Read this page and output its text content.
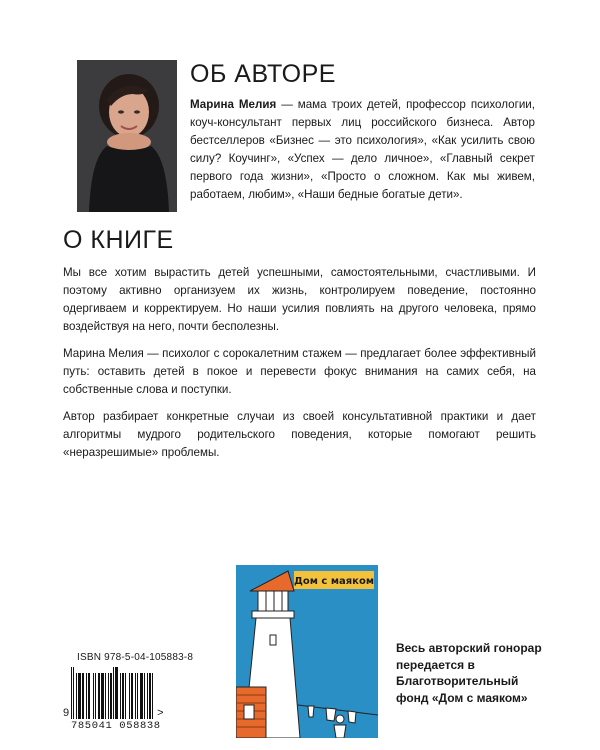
ОБ АВТОРЕ

Марина Мелия — мама троих детей, профессор психологии, коуч-консультант первых лиц российского бизнеса. Автор бестселлеров «Бизнес — это психология», «Как усилить свою силу? Коучинг», «Успех — дело личное», «Главный секрет первого года жизни», «Просто о сложном. Как мы живем, работаем, любим», «Наши бедные богатые дети».

О КНИГЕ

Мы все хотим вырастить детей успешными, самостоятельными, счастливыми. И поэтому активно организуем их жизнь, контролируем поведение, постоянно одергиваем и корректируем. Но наши усилия повлиять на другого человека, прямо воздействуя на него, почти бесполезны.

Марина Мелия — психолог с сорокалетним стажем — предлагает более эффективный путь: оставить детей в покое и перевести фокус внимания на самих себя, на собственные слова и поступки.

Автор разбирает конкретные случаи из своей консультативной практики и дает алгоритмы мудрого родительского поведения, которые помогают решить «неразрешимые» проблемы.

ISBN 978-5-04-105883-8
9	>
785041 058838
Дом с маяком

Весь авторский гонорар передается в Благотворительный фонд «Дом с маяком»
